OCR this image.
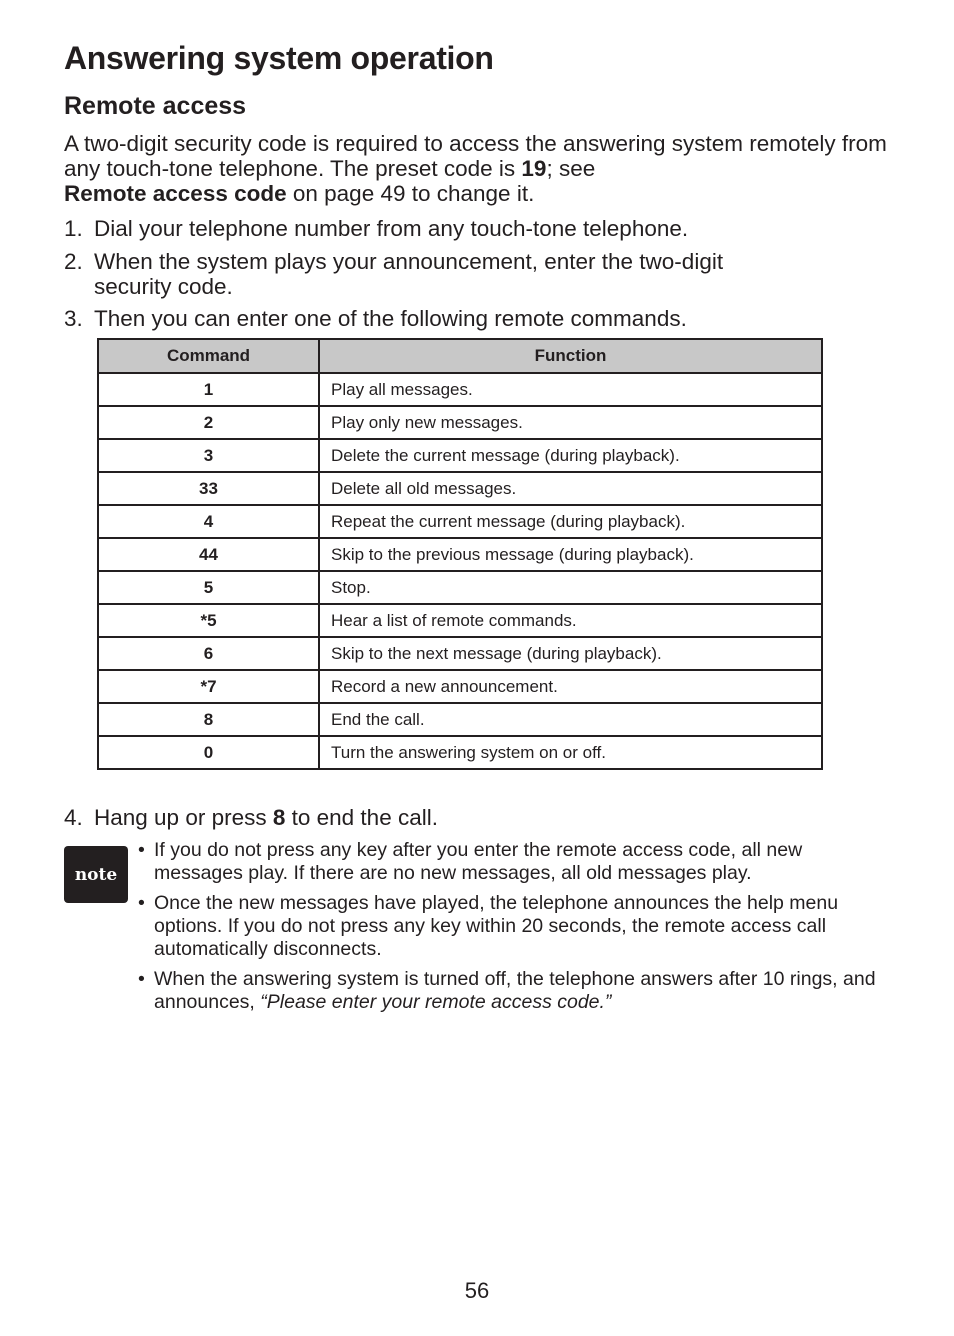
Answering system operation
Remote access

A two-digit security code is required to access the answering system remotely from any touch-tone telephone. The preset code is 19; see
Remote access code on page 49 to change it.

1. Dial your telephone number from any touch-tone telephone.
2. When the system plays your announcement, enter the two-digit security code.
3. Then you can enter one of the following remote commands.
Command	Function
1	Play all messages.
2	Play only new messages.
3	Delete the current message (during playback).
33	Delete all old messages.
4	Repeat the current message (during playback).
44	Skip to the previous message (during playback).
5	Stop.
*5	Hear a list of remote commands.
6	Skip to the next message (during playback).
*7	Record a new announcement.
8	End the call.
0	Turn the answering system on or off.
4. Hang up or press 8 to end the call.
note
• If you do not press any key after you enter the remote access code, all new messages play. If there are no new messages, all old messages play.
• Once the new messages have played, the telephone announces the help menu options. If you do not press any key within 20 seconds, the remote access call automatically disconnects.
• When the answering system is turned off, the telephone answers after 10 rings, and announces, “Please enter your remote access code.”
56
